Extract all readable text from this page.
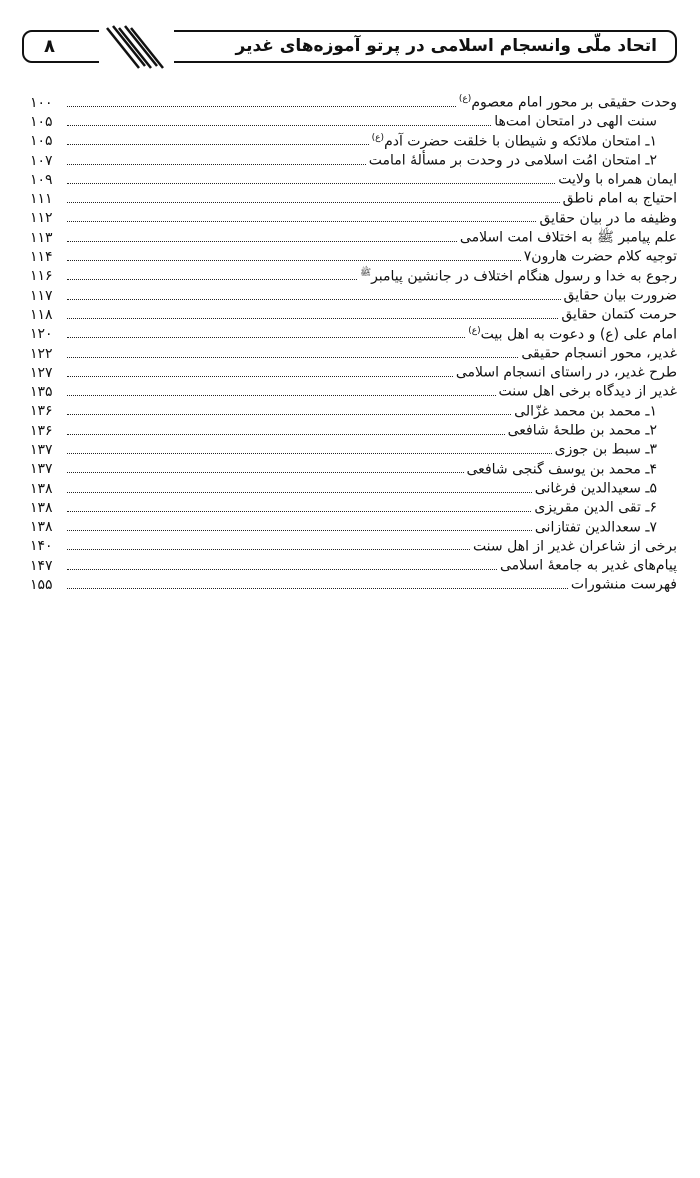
اتحاد ملّی وانسجام اسلامی در پرتو آموزه‌های غدیر
۸
وحدت حقیقی بر محور امام معصوم$^{(ع)}$
۱۰۰
سنت الهی در امتحان امت‌ها
۱۰۵
۱ـ امتحان ملائکه و شیطان با خلقت حضرت آدم$^{(ع)}$
۱۰۵
۲ـ امتحان امُت اسلامی در وحدت بر مسألهٔ امامت
۱۰۷
ایمان همراه با ولایت
۱۰۹
احتیاج به امام ناطق
۱۱۱
وظیفه ما در بیان حقایق
۱۱۲
علم پیامبر ﷺ به اختلاف امت اسلامی
۱۱۳
توجیه کلام حضرت هارون۷
۱۱۴
رجوع به خدا و رسول هنگام اختلاف در جانشین پیامبر$^ﷺ$
۱۱۶
ضرورت بیان حقایق
۱۱۷
حرمت کتمان حقایق
۱۱۸
امام علی (ع) و دعوت به اهل بیت$^{(ع)}$
۱۲۰
غدیر، محور انسجام حقیقی
۱۲۲
طرح غدیر، در راستای انسجام اسلامی
۱۲۷
غدیر از دیدگاه برخی اهل سنت
۱۳۵
۱ـ محمد بن محمد غزّالی
۱۳۶
۲ـ محمد بن طلحهٔ شافعی
۱۳۶
۳ـ سبط بن جوزی
۱۳۷
۴ـ محمد بن یوسف گنجی شافعی
۱۳۷
۵ـ سعیدالدین فرغانی
۱۳۸
۶ـ تقی الدین مقریزی
۱۳۸
۷ـ سعدالدین تفتازانی
۱۳۸
برخی از شاعران غدیر از اهل سنت
۱۴۰
پیام‌های غدیر به جامعهٔ اسلامی
۱۴۷
فهرست منشورات
۱۵۵
